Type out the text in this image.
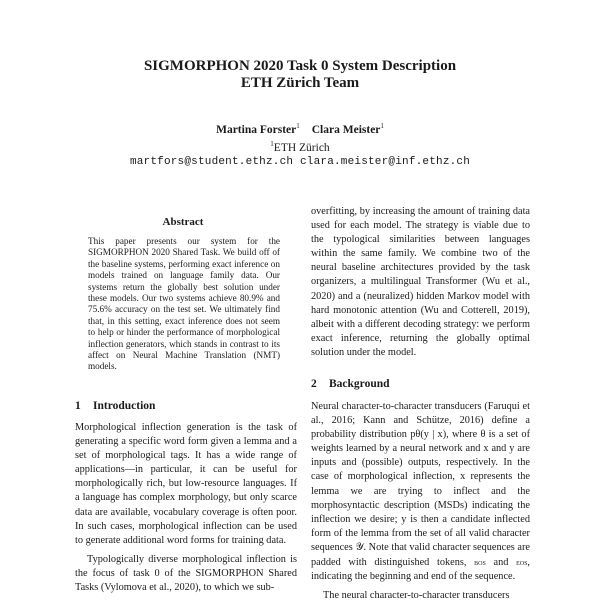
SIGMORPHON 2020 Task 0 System Description
ETH Zürich Team
Martina Forster$^1$ Clara Meister$^1$
$^1$ETH Zürich
martfors@student.ethz.ch clara.meister@inf.ethz.ch
Abstract
This paper presents our system for the SIGMORPHON 2020 Shared Task. We build off of the baseline systems, performing exact inference on models trained on language family data. Our systems return the globally best solution under these models. Our two systems achieve 80.9% and 75.6% accuracy on the test set. We ultimately find that, in this setting, exact inference does not seem to help or hinder the performance of morphological inflection generators, which stands in contrast to its affect on Neural Machine Translation (NMT) models.
1 Introduction

Morphological inflection generation is the task of generating a specific word form given a lemma and a set of morphological tags. It has a wide range of applications—in particular, it can be useful for morphologically rich, but low-resource languages. If a language has complex morphology, but only scarce data are available, vocabulary coverage is often poor. In such cases, morphological inflection can be used to generate additional word forms for training data.

Typologically diverse morphological inflection is the focus of task 0 of the SIGMORPHON Shared Tasks (Vylomova et al., 2020), to which we sub-

overfitting, by increasing the amount of training data used for each model. The strategy is viable due to the typological similarities between languages within the same family. We combine two of the neural baseline architectures provided by the task organizers, a multilingual Transformer (Wu et al., 2020) and a (neuralized) hidden Markov model with hard monotonic attention (Wu and Cotterell, 2019), albeit with a different decoding strategy: we perform exact inference, returning the globally optimal solution under the model.
2 Background

Neural character-to-character transducers (Faruqui et al., 2016; Kann and Schütze, 2016) define a probability distribution pθ(y | x), where θ is a set of weights learned by a neural network and x and y are inputs and (possible) outputs, respectively. In the case of morphological inflection, x represents the lemma we are trying to inflect and the morphosyntactic description (MSDs) indicating the inflection we desire; y is then a candidate inflected form of the lemma from the set of all valid character sequences 𝒴. Note that valid character sequences are padded with distinguished tokens, bos and eos, indicating the beginning and end of the sequence.

The neural character-to-character transducers
